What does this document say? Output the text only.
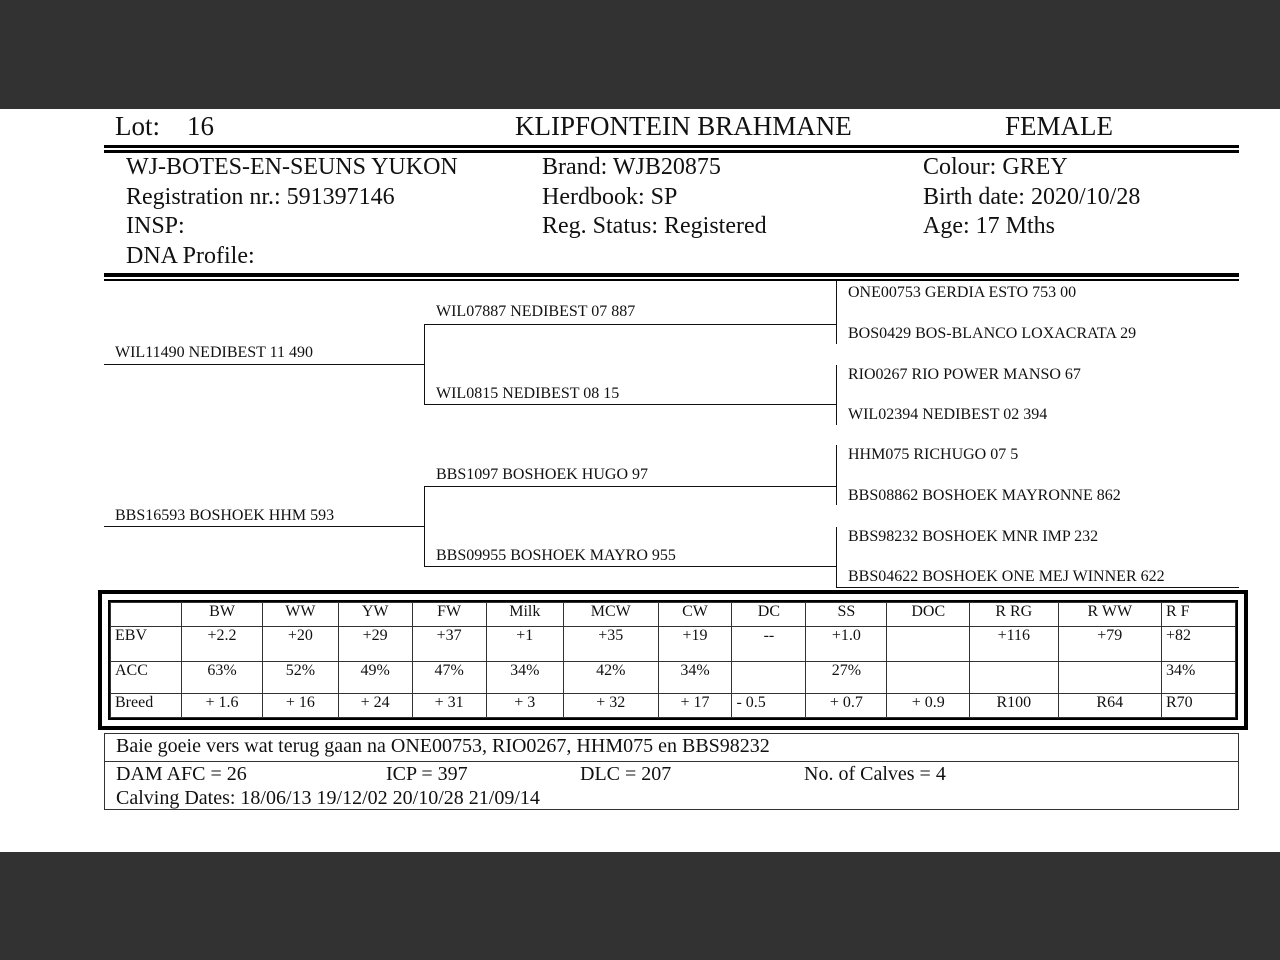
Lot: 16	KLIPFONTEIN BRAHMANE	FEMALE
WJ-BOTES-EN-SEUNS YUKON
Registration nr.: 591397146
INSP:
DNA Profile:
Brand: WJB20875
Herdbook: SP
Reg. Status: Registered
Colour: GREY
Birth date: 2020/10/28
Age: 17 Mths
WIL11490 NEDIBEST 11 490
BBS16593 BOSHOEK HHM 593
WIL07887 NEDIBEST 07 887
WIL0815 NEDIBEST 08 15
BBS1097 BOSHOEK HUGO 97
BBS09955 BOSHOEK MAYRO 955
ONE00753 GERDIA ESTO 753 00
BOS0429 BOS-BLANCO LOXACRATA 29
RIO0267 RIO POWER MANSO 67
WIL02394 NEDIBEST 02 394
HHM075 RICHUGO 07 5
BBS08862 BOSHOEK MAYRONNE 862
BBS98232 BOSHOEK MNR IMP 232
BBS04622 BOSHOEK ONE MEJ WINNER 622
	BW	WW	YW	FW	Milk	MCW	CW	DC	SS	DOC	R RG	R WW	R F
EBV	+2.2	+20	+29	+37	+1	+35	+19	--	+1.0		+116	+79	+82
ACC	63%	52%	49%	47%	34%	42%	34%		27%				34%
Breed	+ 1.6	+ 16	+ 24	+ 31	+ 3	+ 32	+ 17	- 0.5	+ 0.7	+ 0.9	R100	R64	R70
Baie goeie vers wat terug gaan na ONE00753, RIO0267, HHM075 en BBS98232
DAM AFC = 26	ICP = 397	DLC = 207	No. of Calves = 4
Calving Dates: 18/06/13 19/12/02 20/10/28 21/09/14
